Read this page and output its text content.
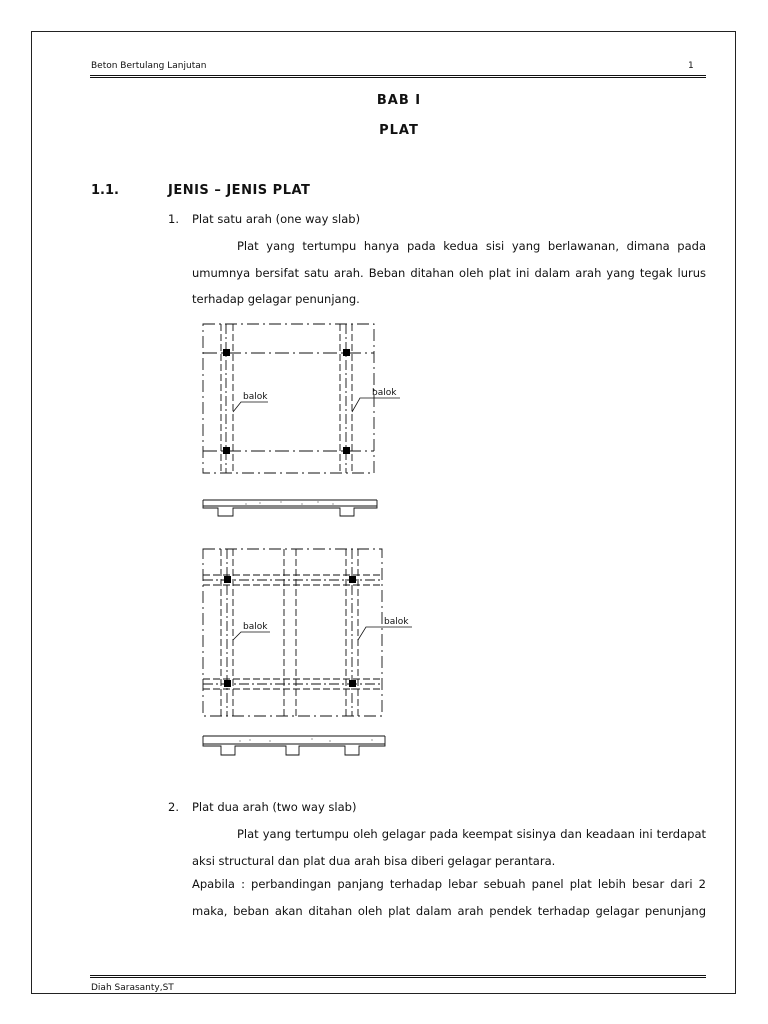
Beton Bertulang Lanjutan	1
BAB I
PLAT
1.1.	JENIS – JENIS PLAT
1. Plat satu arah (one way slab)
Plat yang tertumpu hanya pada kedua sisi yang berlawanan, dimana pada umumnya bersifat satu arah. Beban ditahan oleh plat ini dalam arah yang tegak lurus terhadap gelagar penunjang.
balok	balok
balok	balok
2. Plat dua arah (two way slab)
Plat yang tertumpu oleh gelagar pada keempat sisinya dan keadaan ini terdapat aksi structural dan plat dua arah bisa diberi gelagar perantara.
Apabila : perbandingan panjang terhadap lebar sebuah panel plat lebih besar dari 2
maka, beban akan ditahan oleh plat dalam arah pendek terhadap gelagar penunjang
Diah Sarasanty,ST
